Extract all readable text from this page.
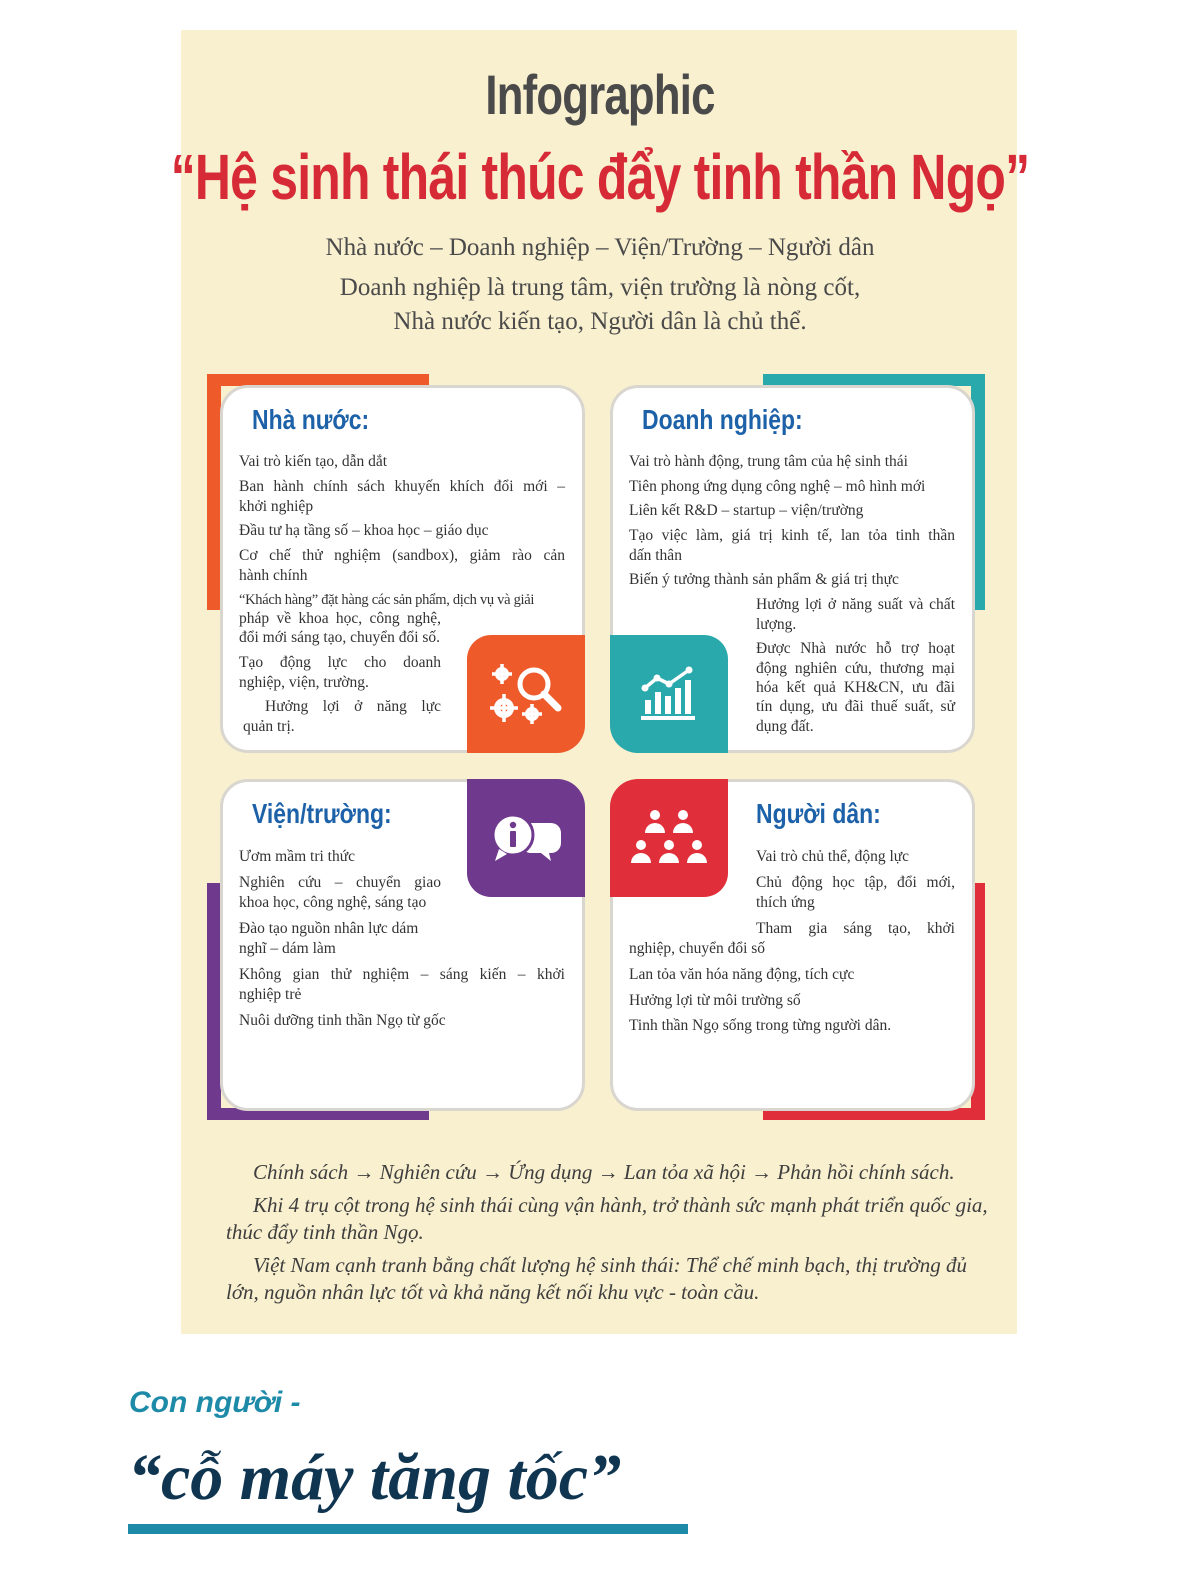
Infographic
“Hệ sinh thái thúc đẩy tinh thần Ngọ”
Nhà nước – Doanh nghiệp – Viện/Trường – Người dân
Doanh nghiệp là trung tâm, viện trường là nòng cốt,
Nhà nước kiến tạo, Người dân là chủ thể.
Nhà nước:
Vai trò kiến tạo, dẫn dắt
Ban hành chính sách khuyến khích đổi mới –
khởi nghiệp
Đầu tư hạ tầng số – khoa học – giáo dục
Cơ chế thử nghiệm (sandbox), giảm rào cản
hành chính
“Khách hàng” đặt hàng các sản phẩm, dịch vụ và giải
pháp về khoa học, công nghệ,
đổi mới sáng tạo, chuyển đổi số.
Tạo động lực cho doanh
nghiệp, viện, trường.
Hưởng lợi ở năng lực
quản trị.
Doanh nghiệp:
Vai trò hành động, trung tâm của hệ sinh thái
Tiên phong ứng dụng công nghệ – mô hình mới
Liên kết R&D – startup – viện/trường
Tạo việc làm, giá trị kinh tế, lan tỏa tinh thần
dấn thân
Biến ý tưởng thành sản phẩm & giá trị thực
Hưởng lợi ở năng suất và chất
lượng.
Được Nhà nước hỗ trợ hoạt
động nghiên cứu, thương mại
hóa kết quả KH&CN, ưu đãi
tín dụng, ưu đãi thuế suất, sử
dụng đất.
Viện/trường:
Ươm mầm tri thức
Nghiên cứu – chuyển giao
khoa học, công nghệ, sáng tạo
Đào tạo nguồn nhân lực dám
nghĩ – dám làm
Không gian thử nghiệm – sáng kiến – khởi
nghiệp trẻ
Nuôi dưỡng tinh thần Ngọ từ gốc
Người dân:
Vai trò chủ thể, động lực
Chủ động học tập, đổi mới,
thích ứng
Tham gia sáng tạo, khởi
nghiệp, chuyển đổi số
Lan tỏa văn hóa năng động, tích cực
Hưởng lợi từ môi trường số
Tinh thần Ngọ sống trong từng người dân.
Chính sách → Nghiên cứu → Ứng dụng → Lan tỏa xã hội → Phản hồi chính sách.
Khi 4 trụ cột trong hệ sinh thái cùng vận hành, trở thành sức mạnh phát triển quốc gia,
thúc đẩy tinh thần Ngọ.
Việt Nam cạnh tranh bằng chất lượng hệ sinh thái: Thể chế minh bạch, thị trường đủ
lớn, nguồn nhân lực tốt và khả năng kết nối khu vực - toàn cầu.
Con người -
“cỗ máy tăng tốc”
